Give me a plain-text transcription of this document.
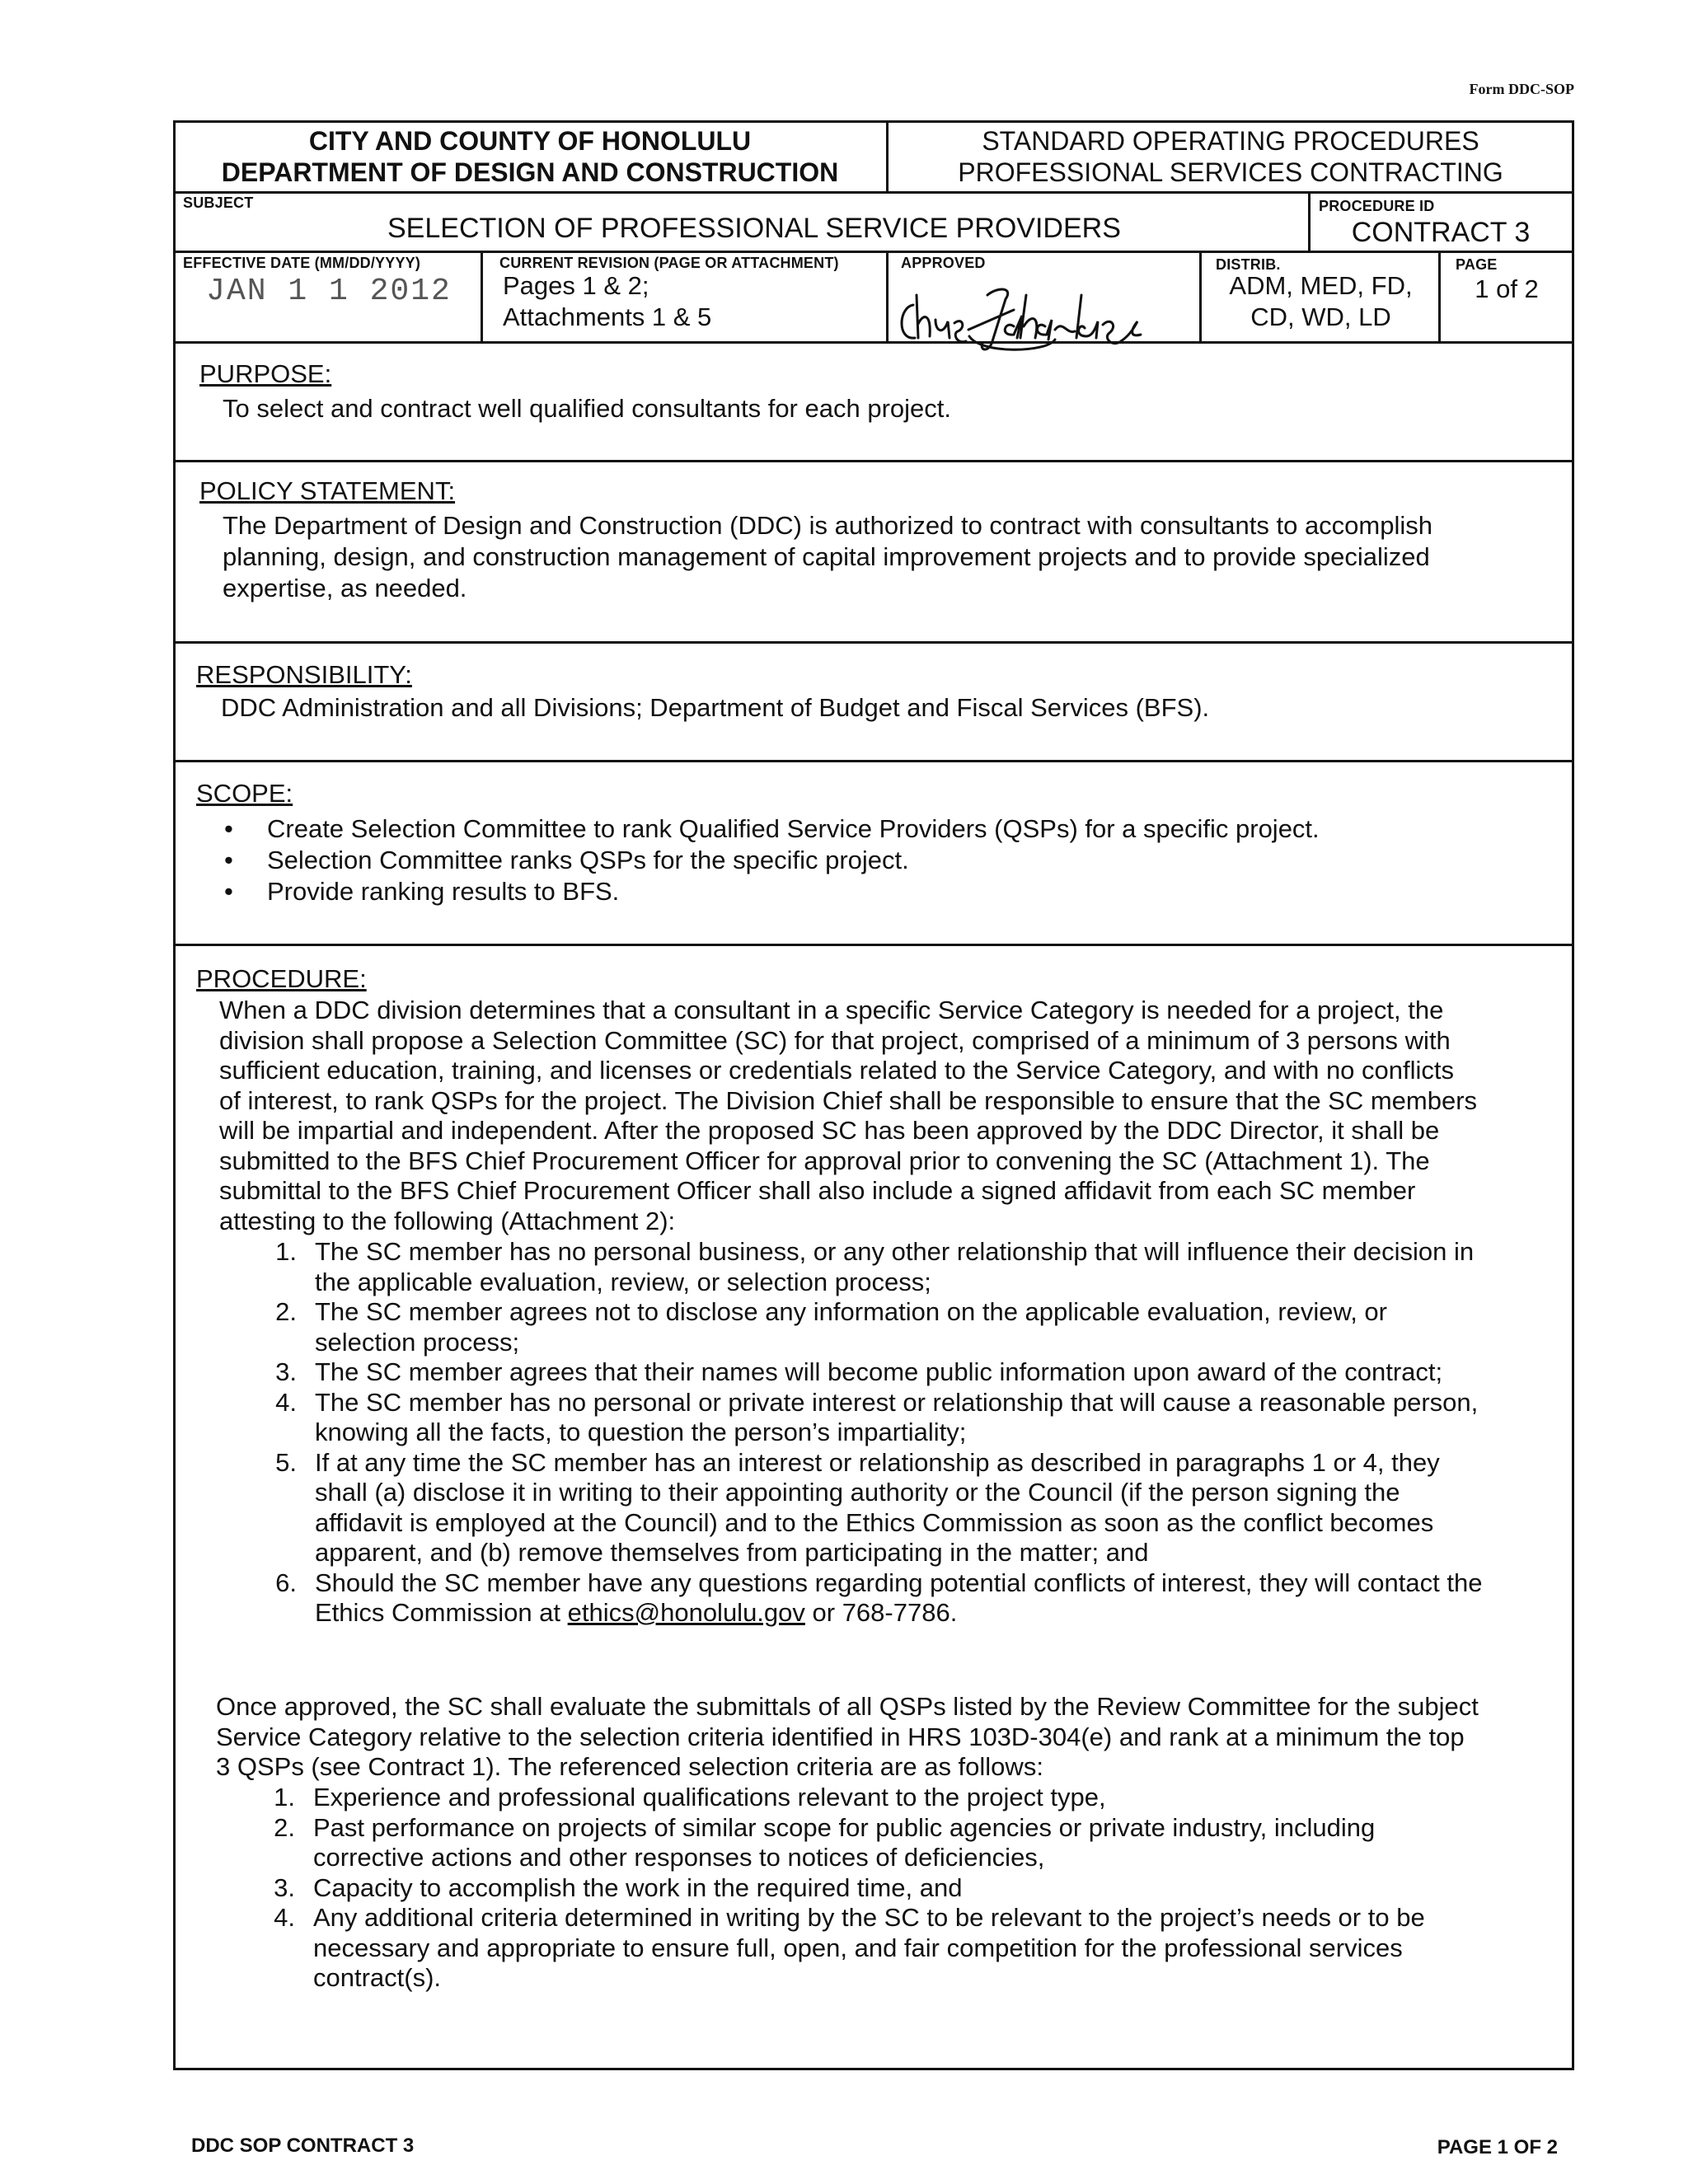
Form DDC-SOP
CITY AND COUNTY OF HONOLULU
DEPARTMENT OF DESIGN AND CONSTRUCTION
STANDARD OPERATING PROCEDURES
PROFESSIONAL SERVICES CONTRACTING
SUBJECT
SELECTION OF PROFESSIONAL SERVICE PROVIDERS
PROCEDURE ID
CONTRACT 3
EFFECTIVE DATE (MM/DD/YYYY)
JAN 1 1 2012
CURRENT REVISION (PAGE OR ATTACHMENT)
Pages 1 & 2;
Attachments 1 & 5
APPROVED	DISTRIB.
ADM, MED, FD,
CD, WD, LD
PAGE
1 of 2
PURPOSE:
To select and contract well qualified consultants for each project.
POLICY STATEMENT:
The Department of Design and Construction (DDC) is authorized to contract with consultants to accomplish
planning, design, and construction management of capital improvement projects and to provide specialized
expertise, as needed.
RESPONSIBILITY:
DDC Administration and all Divisions; Department of Budget and Fiscal Services (BFS).
SCOPE:
• Create Selection Committee to rank Qualified Service Providers (QSPs) for a specific project.
• Selection Committee ranks QSPs for the specific project.
• Provide ranking results to BFS.
PROCEDURE:
When a DDC division determines that a consultant in a specific Service Category is needed for a project, the
division shall propose a Selection Committee (SC) for that project, comprised of a minimum of 3 persons with
sufficient education, training, and licenses or credentials related to the Service Category, and with no conflicts
of interest, to rank QSPs for the project. The Division Chief shall be responsible to ensure that the SC members
will be impartial and independent. After the proposed SC has been approved by the DDC Director, it shall be
submitted to the BFS Chief Procurement Officer for approval prior to convening the SC (Attachment 1). The
submittal to the BFS Chief Procurement Officer shall also include a signed affidavit from each SC member
attesting to the following (Attachment 2):
1. The SC member has no personal business, or any other relationship that will influence their decision in
the applicable evaluation, review, or selection process;
2. The SC member agrees not to disclose any information on the applicable evaluation, review, or
selection process;
3. The SC member agrees that their names will become public information upon award of the contract;
4. The SC member has no personal or private interest or relationship that will cause a reasonable person,
knowing all the facts, to question the person’s impartiality;
5. If at any time the SC member has an interest or relationship as described in paragraphs 1 or 4, they
shall (a) disclose it in writing to their appointing authority or the Council (if the person signing the
affidavit is employed at the Council) and to the Ethics Commission as soon as the conflict becomes
apparent, and (b) remove themselves from participating in the matter; and
6. Should the SC member have any questions regarding potential conflicts of interest, they will contact the
Ethics Commission at ethics@honolulu.gov or 768-7786.
Once approved, the SC shall evaluate the submittals of all QSPs listed by the Review Committee for the subject
Service Category relative to the selection criteria identified in HRS 103D-304(e) and rank at a minimum the top
3 QSPs (see Contract 1). The referenced selection criteria are as follows:
1. Experience and professional qualifications relevant to the project type,
2. Past performance on projects of similar scope for public agencies or private industry, including
corrective actions and other responses to notices of deficiencies,
3. Capacity to accomplish the work in the required time, and
4. Any additional criteria determined in writing by the SC to be relevant to the project’s needs or to be
necessary and appropriate to ensure full, open, and fair competition for the professional services
contract(s).
DDC SOP CONTRACT 3	PAGE 1 OF 2
